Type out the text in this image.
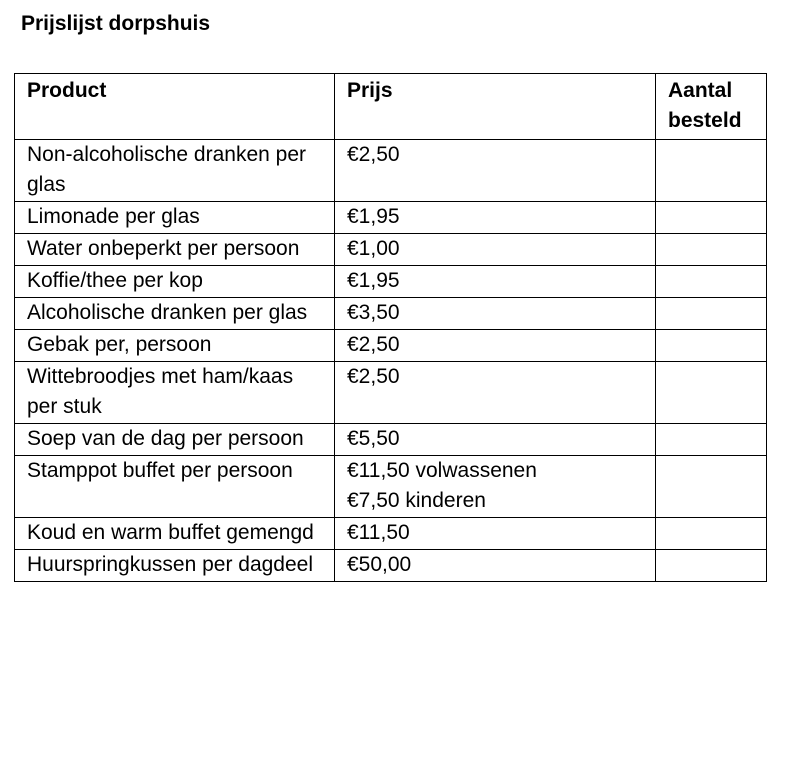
Prijslijst dorpshuis
Product	Prijs	Aantal
besteld

Non-alcoholische dranken per glas	€2,50	

Limonade per glas	€1,95	

Water onbeperkt per persoon	€1,00	

Koffie/thee per kop	€1,95	

Alcoholische dranken per glas	€3,50	

Gebak per, persoon	€2,50	

Wittebroodjes met ham/kaas per stuk	€2,50	

Soep van de dag per persoon	€5,50	

Stamppot buffet per persoon	€11,50 volwassenen
€7,50 kinderen	

Koud en warm buffet gemengd	€11,50	

Huurspringkussen per dagdeel	€50,00	
